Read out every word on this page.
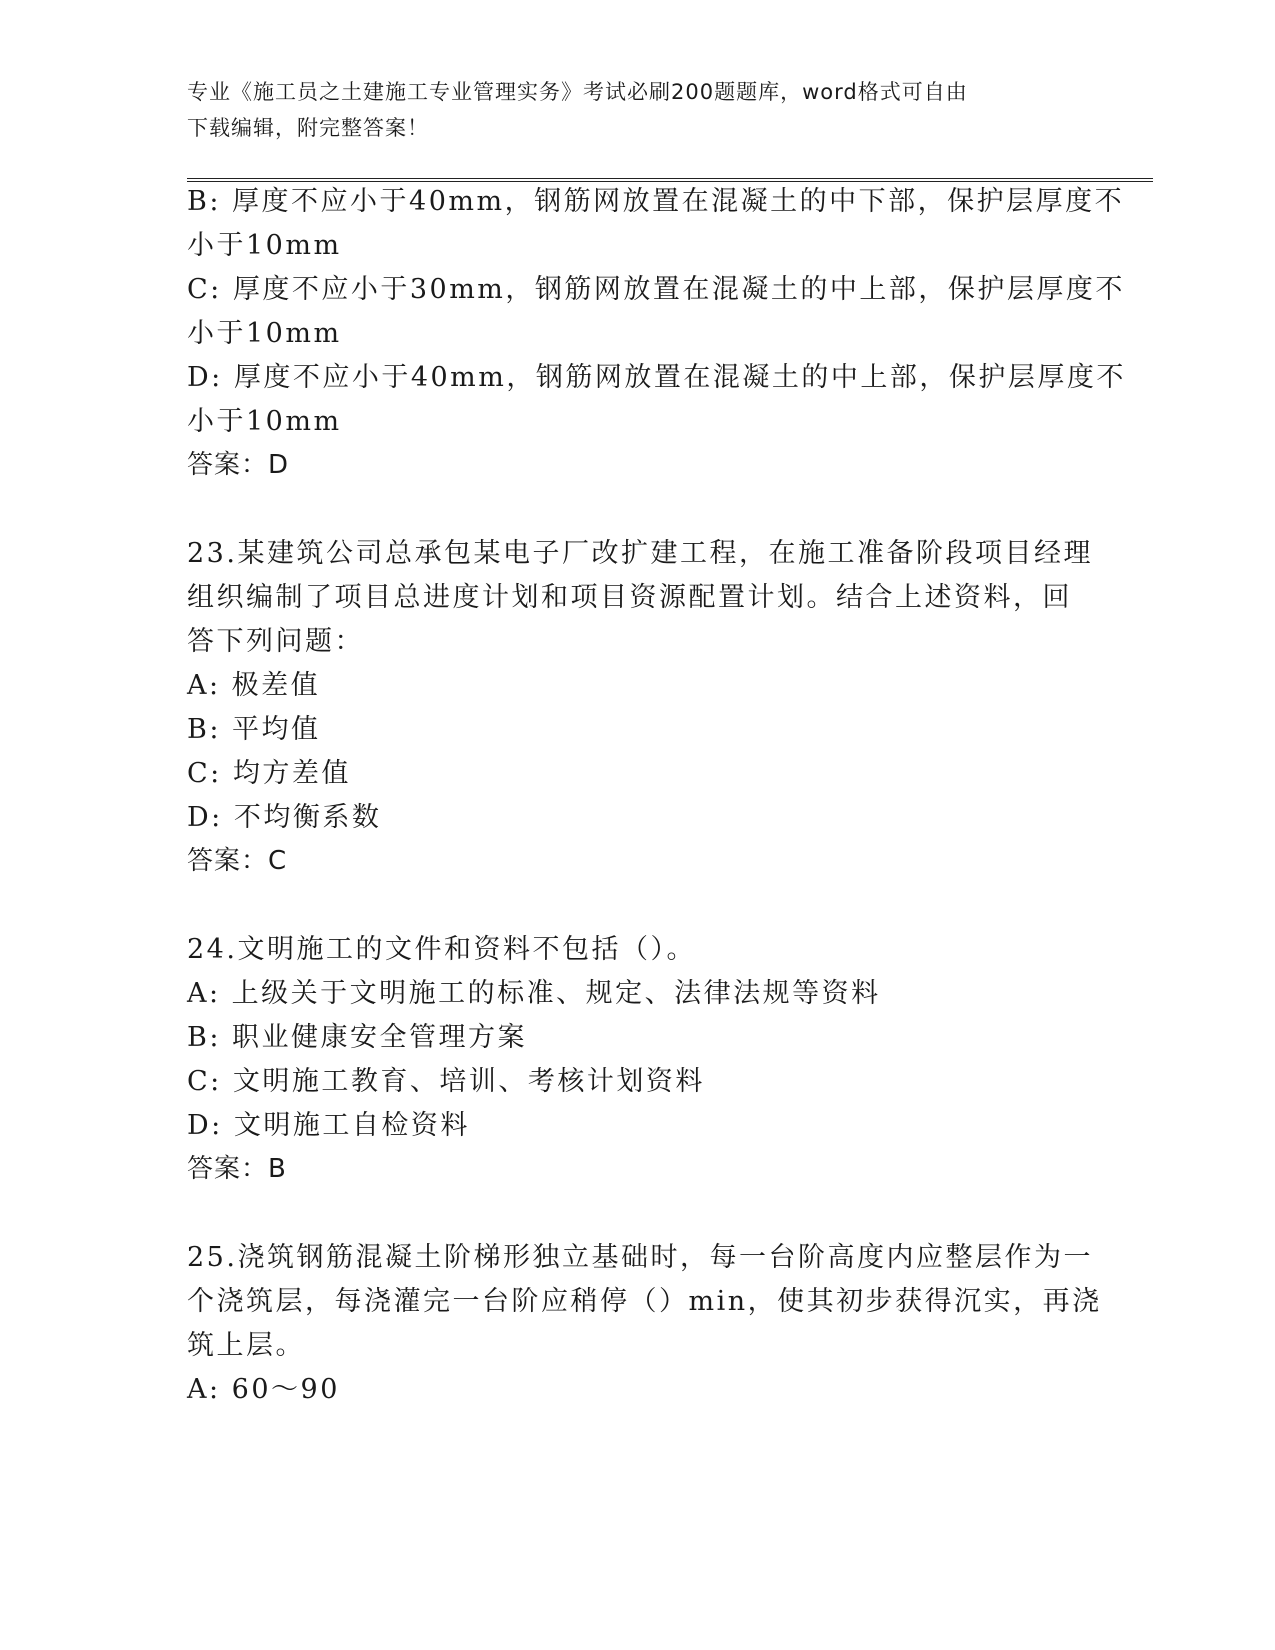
专业《施工员之土建施工专业管理实务》考试必刷200题题库，word格式可自由
下载编辑，附完整答案！
B: 厚度不应小于40mm，钢筋网放置在混凝土的中下部，保护层厚度不
小于10mm
C: 厚度不应小于30mm，钢筋网放置在混凝土的中上部，保护层厚度不
小于10mm
D: 厚度不应小于40mm，钢筋网放置在混凝土的中上部，保护层厚度不
小于10mm
答案：D
23.某建筑公司总承包某电子厂改扩建工程，在施工准备阶段项目经理
组织编制了项目总进度计划和项目资源配置计划。结合上述资料，回
答下列问题：
A: 极差值
B: 平均值
C: 均方差值
D: 不均衡系数
答案：C
24.文明施工的文件和资料不包括（）。
A: 上级关于文明施工的标准、规定、法律法规等资料
B: 职业健康安全管理方案
C: 文明施工教育、培训、考核计划资料
D: 文明施工自检资料
答案：B
25.浇筑钢筋混凝土阶梯形独立基础时，每一台阶高度内应整层作为一
个浇筑层，每浇灌完一台阶应稍停（）min，使其初步获得沉实，再浇
筑上层。
A: 60～90
